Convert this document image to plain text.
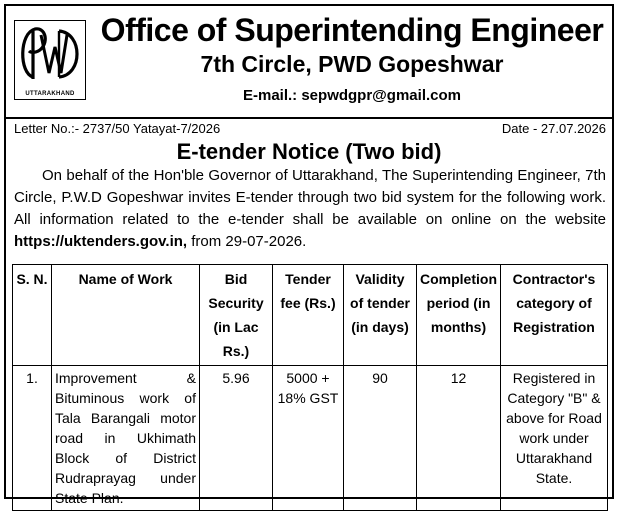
UTTARAKHAND
Office of Superintending Engineer
7th Circle, PWD Gopeshwar
E-mail.: sepwdgpr@gmail.com
Letter No.:- 2737/50 Yatayat-7/2026	Date - 27.07.2026
E-tender Notice (Two bid)
On behalf of the Hon'ble Governor of Uttarakhand, The Superintending Engineer, 7th Circle, P.W.D Gopeshwar invites E-tender through two bid system for the following work. All information related to the e-tender shall be available on online on the website https://uktenders.gov.in, from 29-07-2026.
S. N.	Name of Work	Bid Security (in Lac Rs.)	Tender fee (Rs.)	Validity of tender (in days)	Completion period (in months)	Contractor's category of Registration
1.	Improvement & Bituminous work of Tala Barangali motor road in Ukhimath Block of District Rudraprayag under State Plan.	5.96	5000 + 18% GST	90	12	Registered in Category "B" & above for Road work under Uttarakhand State.
